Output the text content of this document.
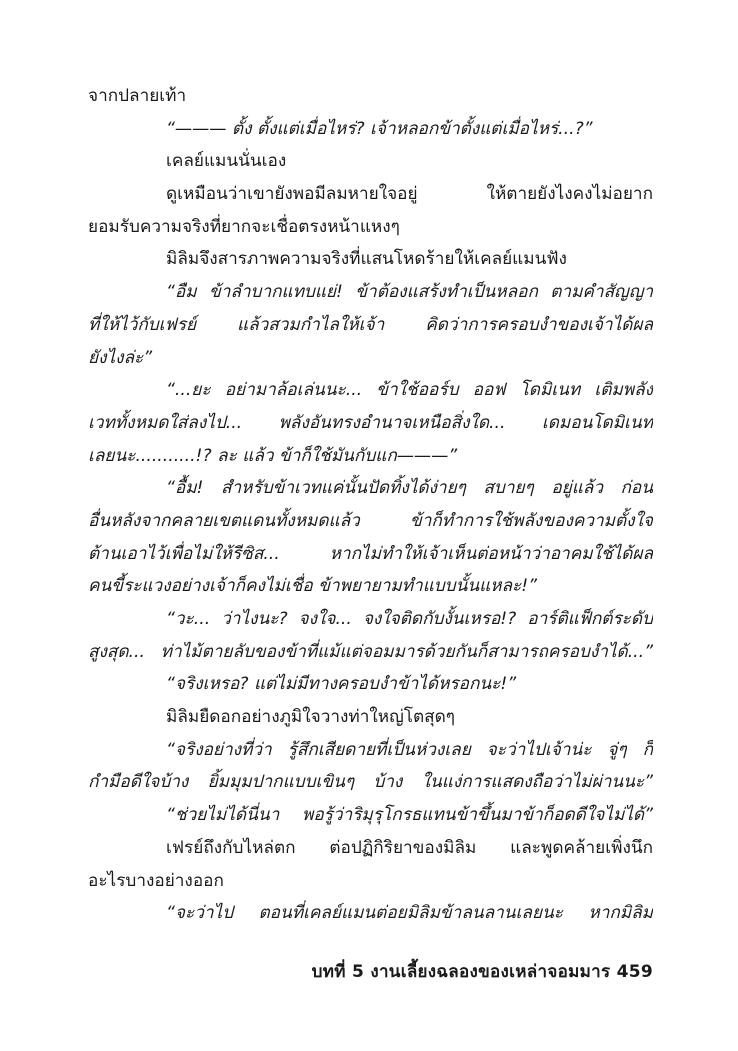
จากปลายเท้า
“——— ตั้ง ตั้งแต่เมื่อไหร่? เจ้าหลอกข้าตั้งแต่เมื่อไหร่...?”
เคลย์แมนนั่นเอง
ดูเหมือนว่าเขายังพอมีลมหายใจอยู่ ให้ตายยังไงคงไม่อยาก
ยอมรับความจริงที่ยากจะเชื่อตรงหน้าแหงๆ
มิลิมจึงสารภาพความจริงที่แสนโหดร้ายให้เคลย์แมนฟัง
“อืม ข้าลำบากแทบแย่! ข้าต้องแสร้งทำเป็นหลอก ตามคำสัญญา
ที่ให้ไว้กับเฟรย์ แล้วสวมกำไลให้เจ้า คิดว่าการครอบงำของเจ้าได้ผล
ยังไงล่ะ”
“...ยะ อย่ามาล้อเล่นนะ... ข้าใช้ออร์บ ออฟ โดมิเนท เติมพลัง
เวททั้งหมดใส่ลงไป... พลังอันทรงอำนาจเหนือสิ่งใด... เดมอนโดมิเนท
เลยนะ...........!? ละ แล้ว ข้าก็ใช้มันกับแก———”
“อื้ม! สำหรับข้าเวทแค่นั้นปัดทิ้งได้ง่ายๆ สบายๆ อยู่แล้ว ก่อน
อื่นหลังจากคลายเขตแดนทั้งหมดแล้ว ข้าก็ทำการใช้พลังของความตั้งใจ
ต้านเอาไว้เพื่อไม่ให้รีซิส... หากไม่ทำให้เจ้าเห็นต่อหน้าว่าอาคมใช้ได้ผล
คนขี้ระแวงอย่างเจ้าก็คงไม่เชื่อ ข้าพยายามทำแบบนั้นแหละ!”
“วะ... ว่าไงนะ? จงใจ... จงใจติดกับงั้นเหรอ!? อาร์ติแฟ็กต์ระดับ
สูงสุด... ท่าไม้ตายลับของข้าที่แม้แต่จอมมารด้วยกันก็สามารถครอบงำได้...”
“จริงเหรอ? แต่ไม่มีทางครอบงำข้าได้หรอกนะ!”
มิลิมยืดอกอย่างภูมิใจวางท่าใหญ่โตสุดๆ
“จริงอย่างที่ว่า รู้สึกเสียดายที่เป็นห่วงเลย จะว่าไปเจ้าน่ะ จู่ๆ ก็
กำมือดีใจบ้าง ยิ้มมุมปากแบบเขินๆ บ้าง ในแง่การแสดงถือว่าไม่ผ่านนะ”
“ช่วยไม่ได้นี่นา พอรู้ว่าริมุรุโกรธแทนข้าขึ้นมาข้าก็อดดีใจไม่ได้”
เฟรย์ถึงกับไหล่ตก ต่อปฏิกิริยาของมิลิม และพูดคล้ายเพิ่งนึก
อะไรบางอย่างออก
“จะว่าไป ตอนที่เคลย์แมนต่อยมิลิมข้าลนลานเลยนะ หากมิลิม
บทที่ 5 งานเลี้ยงฉลองของเหล่าจอมมาร 459
